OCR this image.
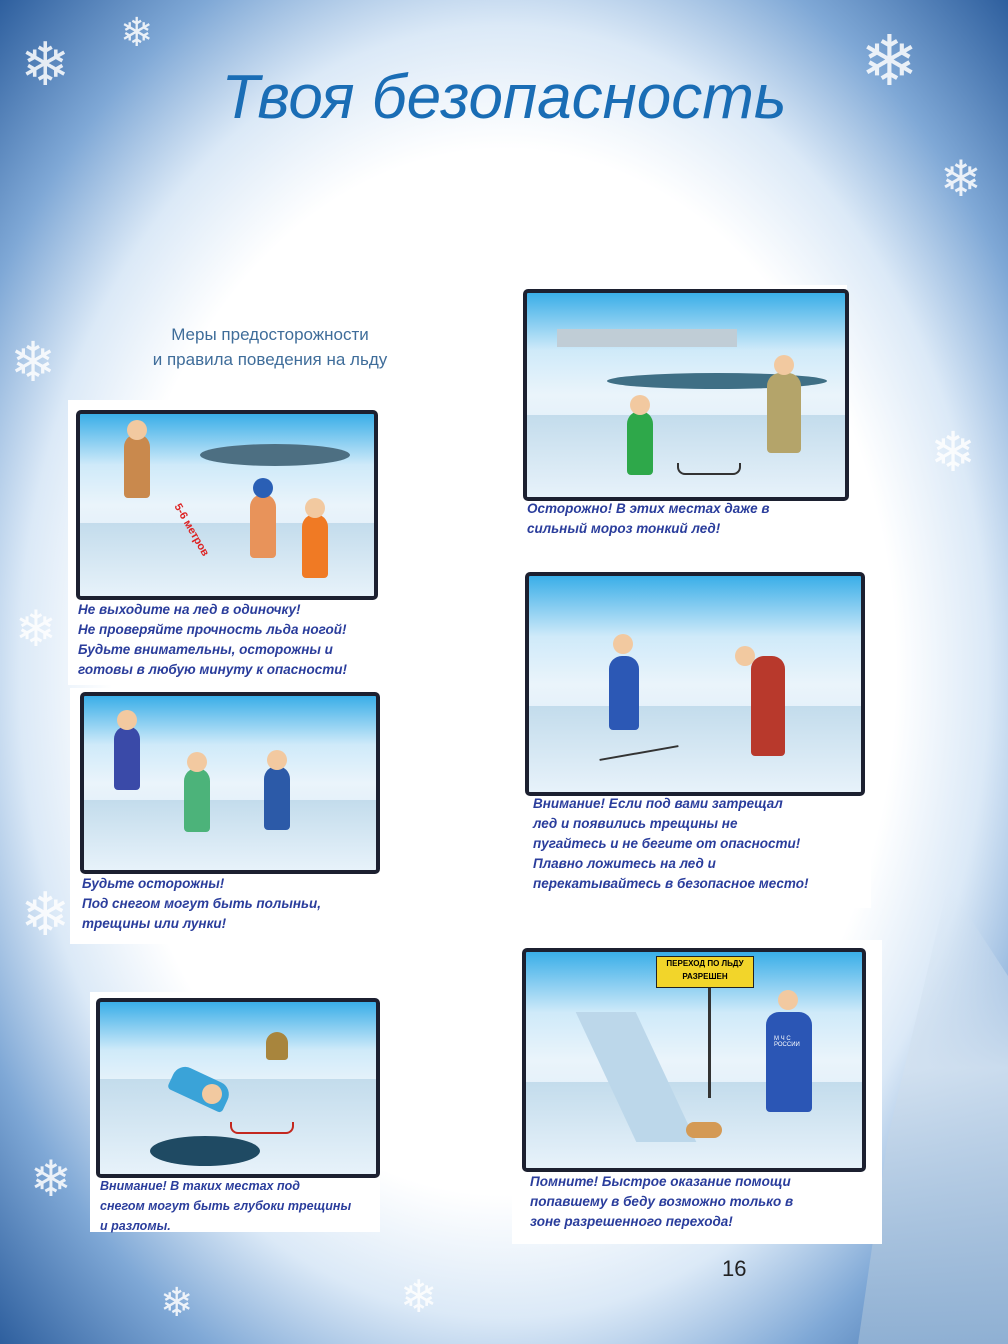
❄ ❄	❄
❄
❄
❄
❄
❄
❄
❄
❄
Твоя безопасность
Меры предосторожности
и правила поведения на льду
5-6 метров
Не выходите на лед в одиночку!
Не проверяйте прочность льда ногой!
Будьте внимательны, осторожны и
готовы в любую минуту к опасности!
Осторожно! В этих местах даже в
сильный мороз тонкий лед!
Будьте осторожны!
Под снегом могут быть полыньи,
трещины или лунки!
Внимание! Если под вами затрещал
лед и появились трещины не
пугайтесь и не бегите от опасности!
Плавно ложитесь на лед и
перекатывайтесь в безопасное место!
Внимание! В таких местах под
снегом могут быть глубоки трещины
и разломы.
ПЕРЕХОД ПО ЛЬДУ
РАЗРЕШЕН
М Ч С
РОССИИ
Помните! Быстрое оказание помощи
попавшему в беду возможно только в
зоне разрешенного перехода!
16
